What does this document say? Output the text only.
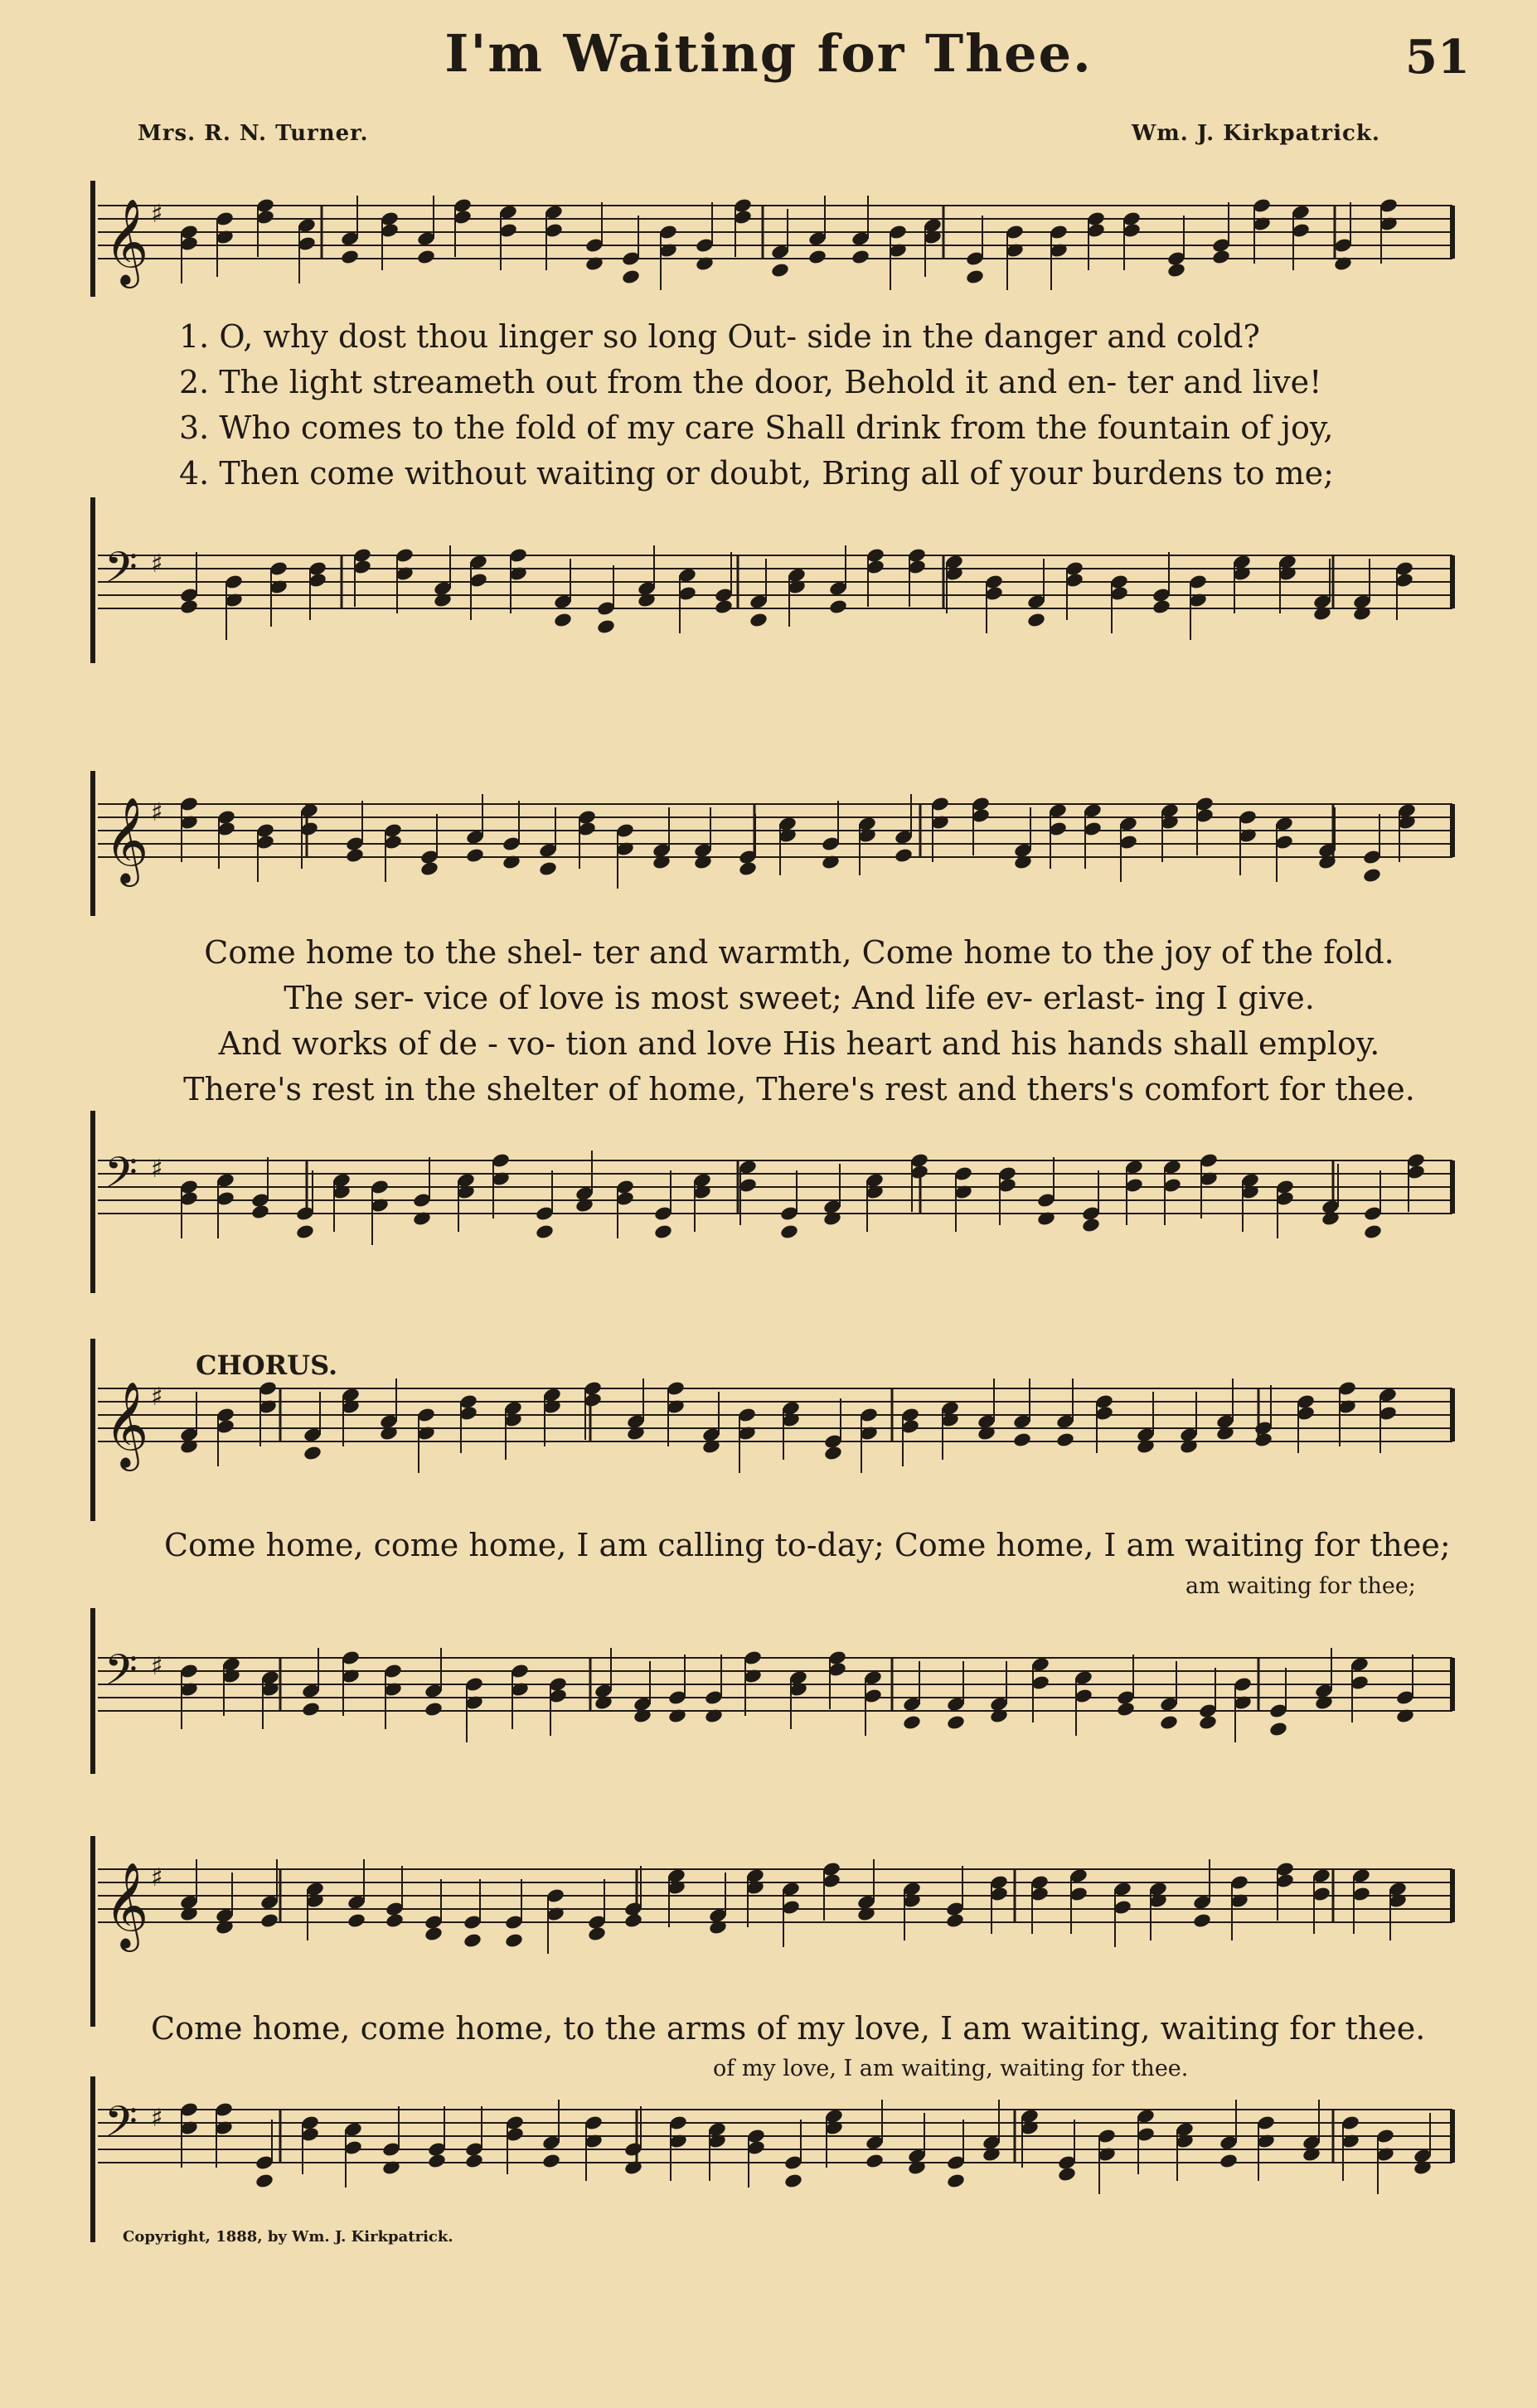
I'm Waiting for Thee.	51
Mrs. R. N. Turner.	Wm. J. Kirkpatrick.
𝄞 ♯
1. O, why dost thou linger so long Out- side in the danger and cold?
2. The light streameth out from the door, Behold it and en- ter and live!
3. Who comes to the fold of my care Shall drink from the fountain of joy,
4. Then come without waiting or doubt, Bring all of your burdens to me;
𝄢 ♯
𝄞 ♯
Come home to the shel- ter and warmth, Come home to the joy of the fold.
The ser- vice of love is most sweet; And life ev- erlast- ing I give.
And works of de - vo- tion and love His heart and his hands shall employ.
There's rest in the shelter of home, There's rest and thers's comfort for thee.
𝄢 ♯
CHORUS.
𝄞 ♯
Come home, come home, I am calling to-day; Come home, I am waiting for thee;
am waiting for thee;
𝄢 ♯
𝄞 ♯
Come home, come home, to the arms of my love, I am waiting, waiting for thee.
of my love, I am waiting, waiting for thee.
𝄢 ♯
Copyright, 1888, by Wm. J. Kirkpatrick.
